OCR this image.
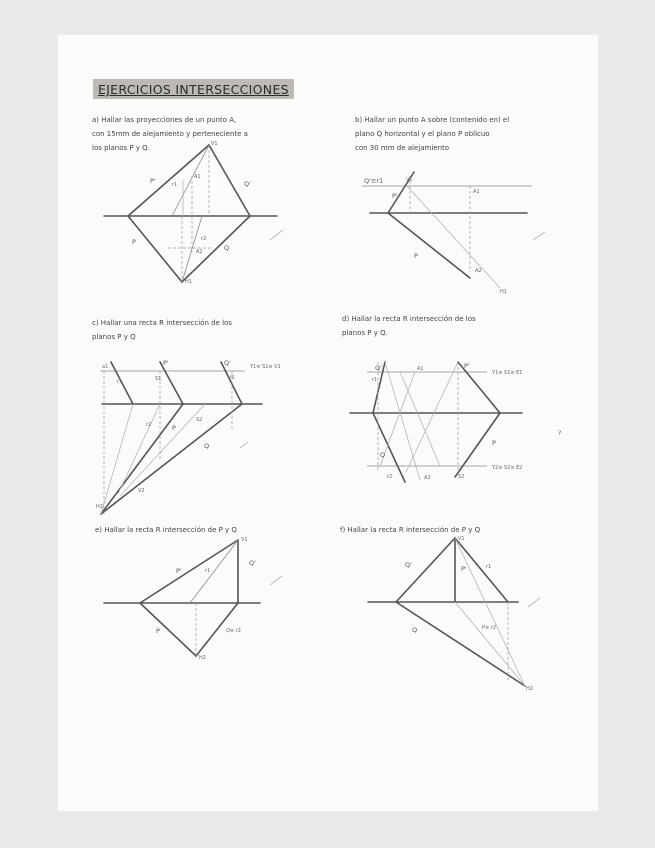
EJERCICIOS INTERSECCIONES
a) Hallar las proyecciones de un punto A,
con 15mm de alejamiento y perteneciente a
los planos P y Q.
b) Hallar un punto A sobre (contenido en) el
plano Q horizontal y el plano P oblicuo
con 30 mm de alejamiento
c) Hallar una recta R intersección de los
planos P y Q
d) Hallar la recta R intersección de los
planos P y Q.
e) Hallar la recta R intersección de P y Q	f) Hallar la recta R intersección de P y Q
P'	Q'
P
Q
V1
H1
A1
A2
r1
r2
Q'≡r1
P'	A1
V1
A2
P
H1
a1	P'	Q'	Y1≡ S1≡ V1
r1	S1	V1
r2	P
Q
S2
V2
H2
Q'	P'
A1
r1
Y1≡ S1≡ E1
P
Q
Y2≡ S2≡ E2
r2	A2	S2
?
V1
P'
Q'
r1
P	Q≡ r2
H2
V1
Q'	P'	r1
Q	P≡ r2
H2
